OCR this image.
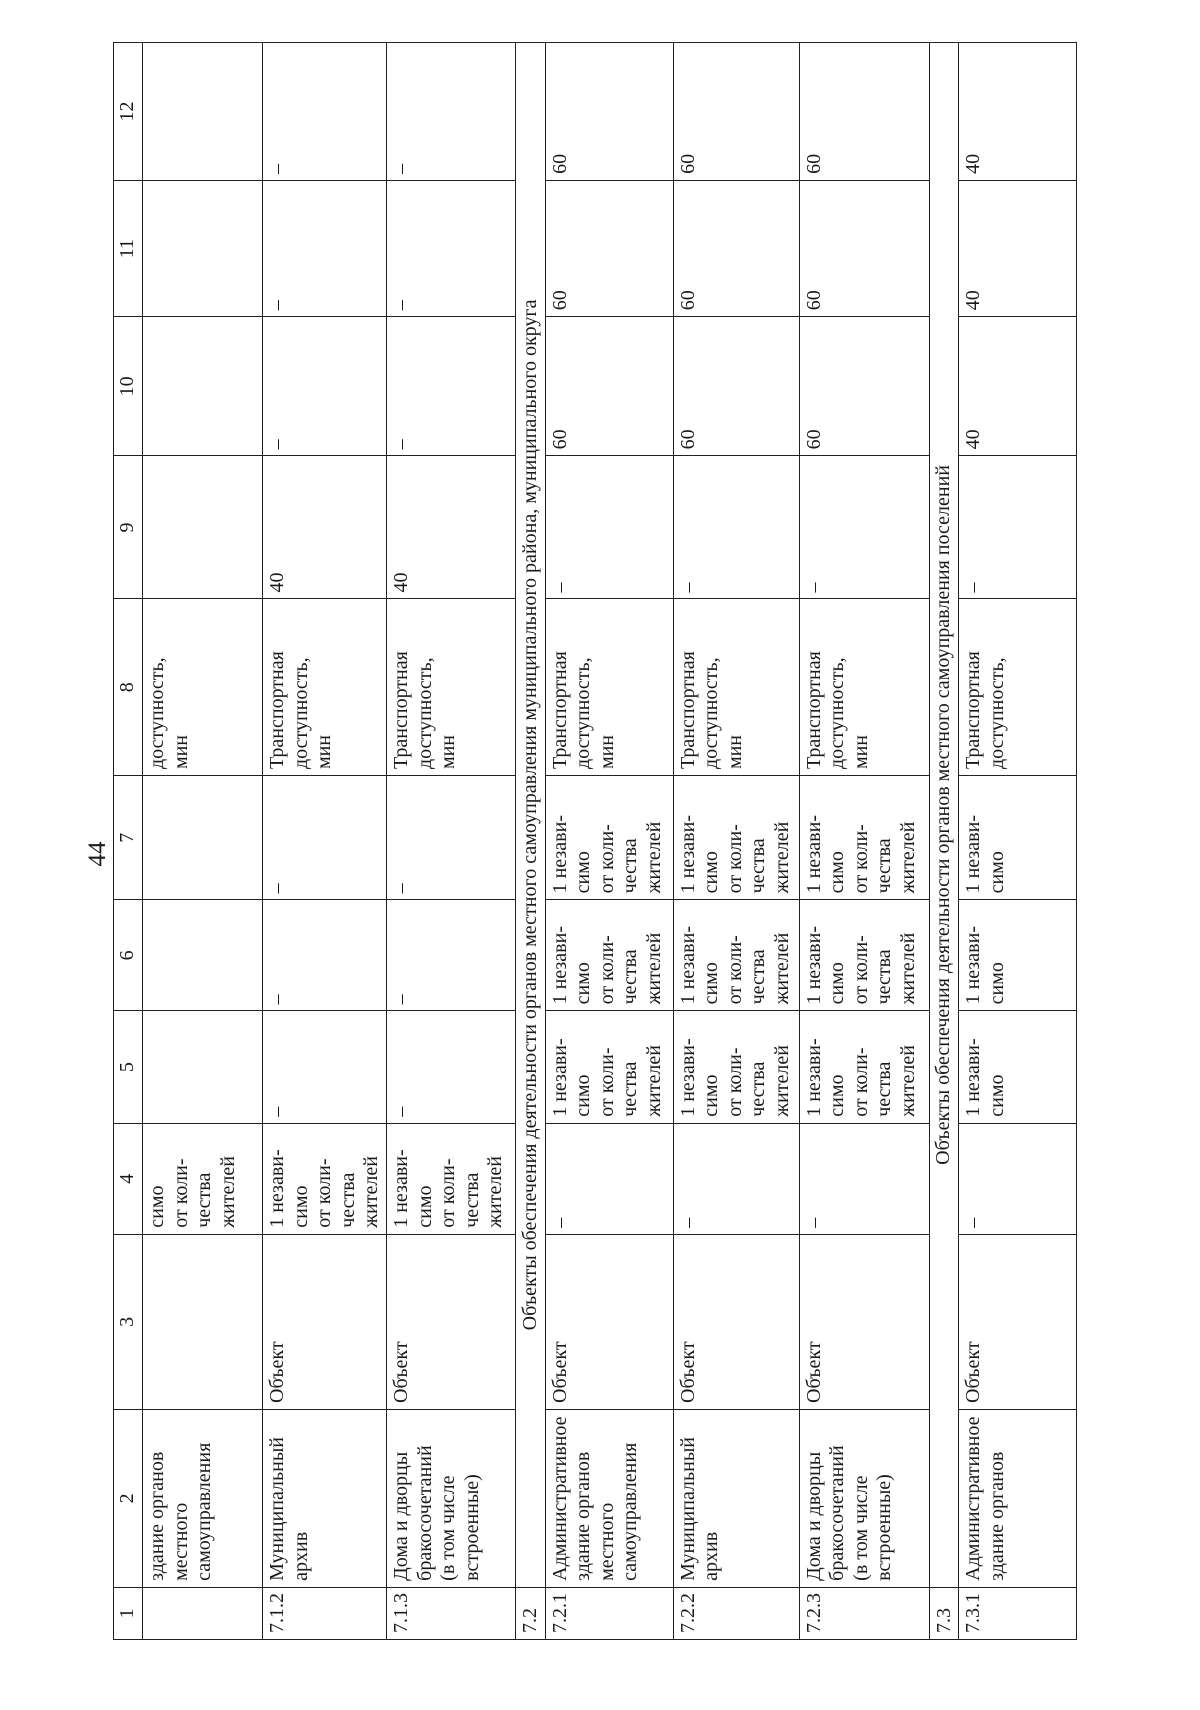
44
1	2	3	4	5	6	7	8	9	10	11	12
	здание органов
местного
самоуправления		симо
от коли-
чества
жителей				доступность,
мин				
7.1.2	Муниципальный
архив	Объект	1 незави-
симо
от коли-
чества
жителей	–	–	–	Транспортная
доступность,
мин	40	–	–	–
7.1.3	Дома и дворцы
бракосочетаний
(в том числе
встроенные)	Объект	1 незави-
симо
от коли-
чества
жителей	–	–	–	Транспортная
доступность,
мин	40	–	–	–
7.2	Объекты обеспечения деятельности органов местного самоуправления муниципального района, муниципального округа										
7.2.1	Административное
здание органов
местного
самоуправления	Объект	–	1 незави-
симо
от коли-
чества
жителей	1 незави-
симо
от коли-
чества
жителей	1 незави-
симо
от коли-
чества
жителей	Транспортная
доступность,
мин	–	60	60	60
7.2.2	Муниципальный
архив	Объект	–	1 незави-
симо
от коли-
чества
жителей	1 незави-
симо
от коли-
чества
жителей	1 незави-
симо
от коли-
чества
жителей	Транспортная
доступность,
мин	–	60	60	60
7.2.3	Дома и дворцы
бракосочетаний
(в том числе
встроенные)	Объект	–	1 незави-
симо
от коли-
чества
жителей	1 незави-
симо
от коли-
чества
жителей	1 незави-
симо
от коли-
чества
жителей	Транспортная
доступность,
мин	–	60	60	60
7.3	Объекты обеспечения деятельности органов местного самоуправления поселений										
7.3.1	Административное
здание органов	Объект	–	1 незави-
симо	1 незави-
симо	1 незави-
симо	Транспортная
доступность,	–	40	40	40
